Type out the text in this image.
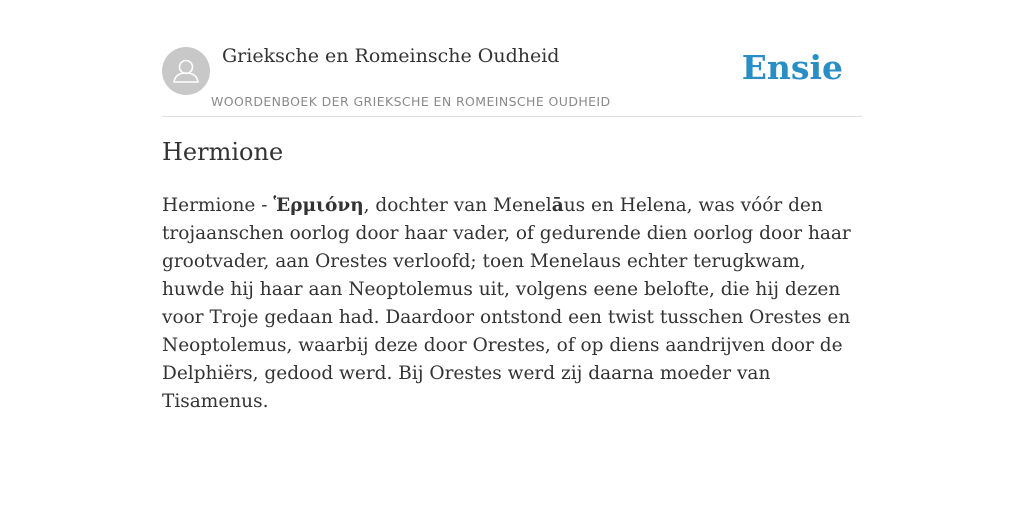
Grieksche en Romeinsche Oudheid
WOORDENBOEK DER GRIEKSCHE EN ROMEINSCHE OUDHEID
Ensie
Hermione

Hermione - Ἑρμιόνη, dochter van Menelāus en Helena, was vóór den trojaanschen oorlog door haar vader, of gedurende dien oorlog door haar grootvader, aan Orestes verloofd; toen Menelaus echter terugkwam, huwde hij haar aan Neoptolemus uit, volgens eene belofte, die hij dezen voor Troje gedaan had. Daardoor ontstond een twist tusschen Orestes en Neoptolemus, waarbij deze door Orestes, of op diens aandrijven door de Delphiërs, gedood werd. Bij Orestes werd zij daarna moeder van Tisamenus.
